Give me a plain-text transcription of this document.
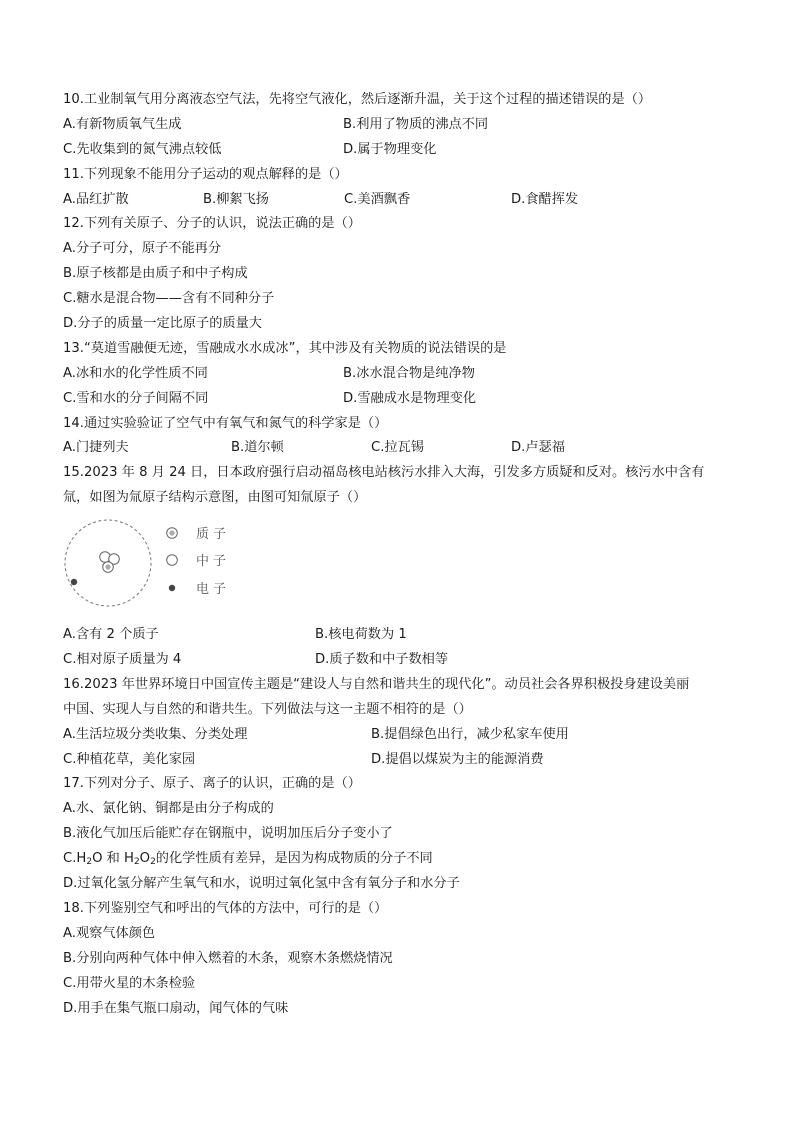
10.工业制氧气用分离液态空气法，先将空气液化，然后逐渐升温，关于这个过程的描述错误的是（）
A.有新物质氧气生成	B.利用了物质的沸点不同
C.先收集到的氮气沸点较低	D.属于物理变化
11.下列现象不能用分子运动的观点解释的是（）
A.品红扩散	B.柳絮飞扬	C.美酒飘香	D.食醋挥发
12.下列有关原子、分子的认识，说法正确的是（）
A.分子可分，原子不能再分
B.原子核都是由质子和中子构成
C.糖水是混合物——含有不同种分子
D.分子的质量一定比原子的质量大
13.“莫道雪融便无迹，雪融成水水成冰”，其中涉及有关物质的说法错误的是
A.冰和水的化学性质不同	B.冰水混合物是纯净物
C.雪和水的分子间隔不同	D.雪融成水是物理变化
14.通过实验验证了空气中有氧气和氮气的科学家是（）
A.门捷列夫	B.道尔顿	C.拉瓦锡	D.卢瑟福
15.2023 年 8 月 24 日，日本政府强行启动福岛核电站核污水排入大海，引发多方质疑和反对。核污水中含有
氚，如图为氚原子结构示意图，由图可知氚原子（）
质子
中子
电子
A.含有 2 个质子	B.核电荷数为 1
C.相对原子质量为 4	D.质子数和中子数相等
16.2023 年世界环境日中国宣传主题是“建设人与自然和谐共生的现代化”。动员社会各界积极投身建设美丽
中国、实现人与自然的和谐共生。下列做法与这一主题不相符的是（）
A.生活垃圾分类收集、分类处理	B.提倡绿色出行，减少私家车使用
C.种植花草，美化家园	D.提倡以煤炭为主的能源消费
17.下列对分子、原子、离子的认识，正确的是（）
A.水、氯化钠、铜都是由分子构成的
B.液化气加压后能贮存在钢瓶中，说明加压后分子变小了
$C.H_2O$ 和 $H_2O_2$的化学性质有差异，是因为构成物质的分子不同
D.过氧化氢分解产生氧气和水，说明过氧化氢中含有氧分子和水分子
18.下列鉴别空气和呼出的气体的方法中，可行的是（）
A.观察气体颜色
B.分别向两种气体中伸入燃着的木条，观察木条燃烧情况
C.用带火星的木条检验
D.用手在集气瓶口扇动，闻气体的气味
